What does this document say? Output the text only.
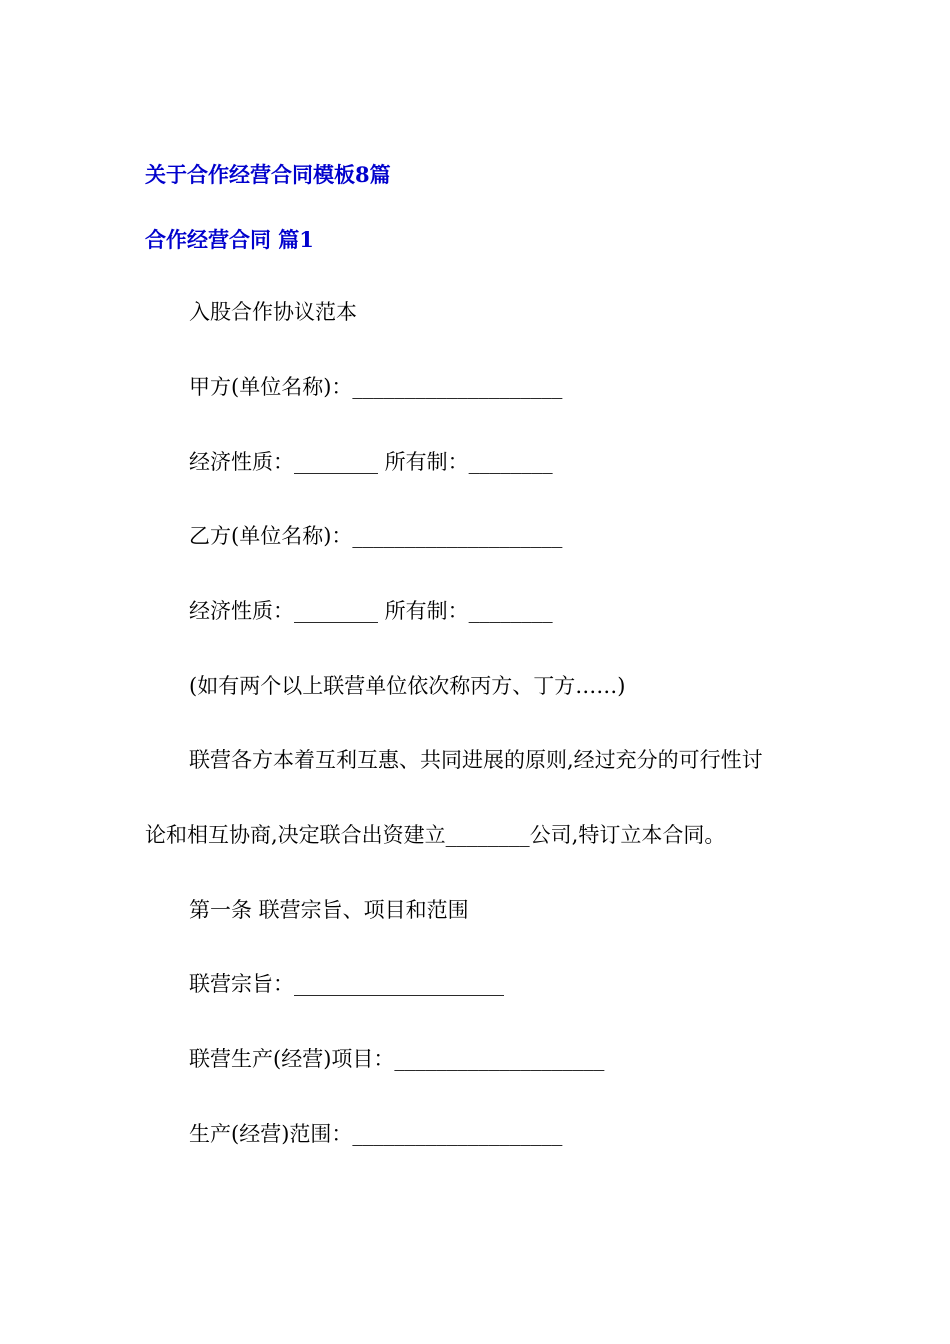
关于合作经营合同模板8篇
合作经营合同 篇1
入股合作协议范本
甲方(单位名称)：____________________
经济性质：________ 所有制：________
乙方(单位名称)：____________________
经济性质：________ 所有制：________
(如有两个以上联营单位依次称丙方、丁方……)
联营各方本着互利互惠、共同进展的原则,经过充分的可行性讨
论和相互协商,决定联合出资建立________公司,特订立本合同。
第一条 联营宗旨、项目和范围
联营宗旨：____________________
联营生产(经营)项目：____________________
生产(经营)范围：____________________
